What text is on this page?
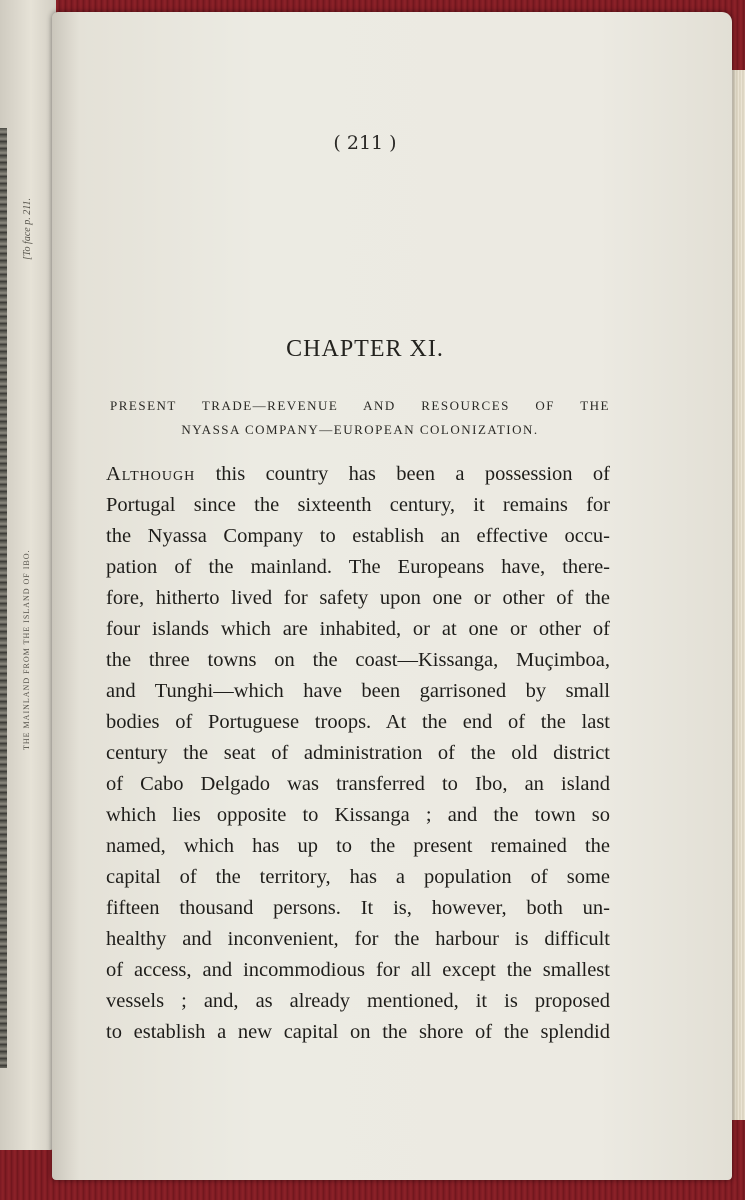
THE MAINLAND FROM THE ISLAND OF IBO.
[To face p. 211.
( 211 )
CHAPTER XI.
PRESENT TRADE—REVENUE AND RESOURCES OF THE
NYASSA COMPANY—EUROPEAN COLONIZATION.
Although this country has been a possession of
Portugal since the sixteenth century, it remains for
the Nyassa Company to establish an effective occu-
pation of the mainland. The Europeans have, there-
fore, hitherto lived for safety upon one or other of the
four islands which are inhabited, or at one or other of
the three towns on the coast—Kissanga, Muçimboa,
and Tunghi—which have been garrisoned by small
bodies of Portuguese troops. At the end of the last
century the seat of administration of the old district
of Cabo Delgado was transferred to Ibo, an island
which lies opposite to Kissanga ; and the town so
named, which has up to the present remained the
capital of the territory, has a population of some
fifteen thousand persons. It is, however, both un-
healthy and inconvenient, for the harbour is difficult
of access, and incommodious for all except the smallest
vessels ; and, as already mentioned, it is proposed
to establish a new capital on the shore of the splendid
